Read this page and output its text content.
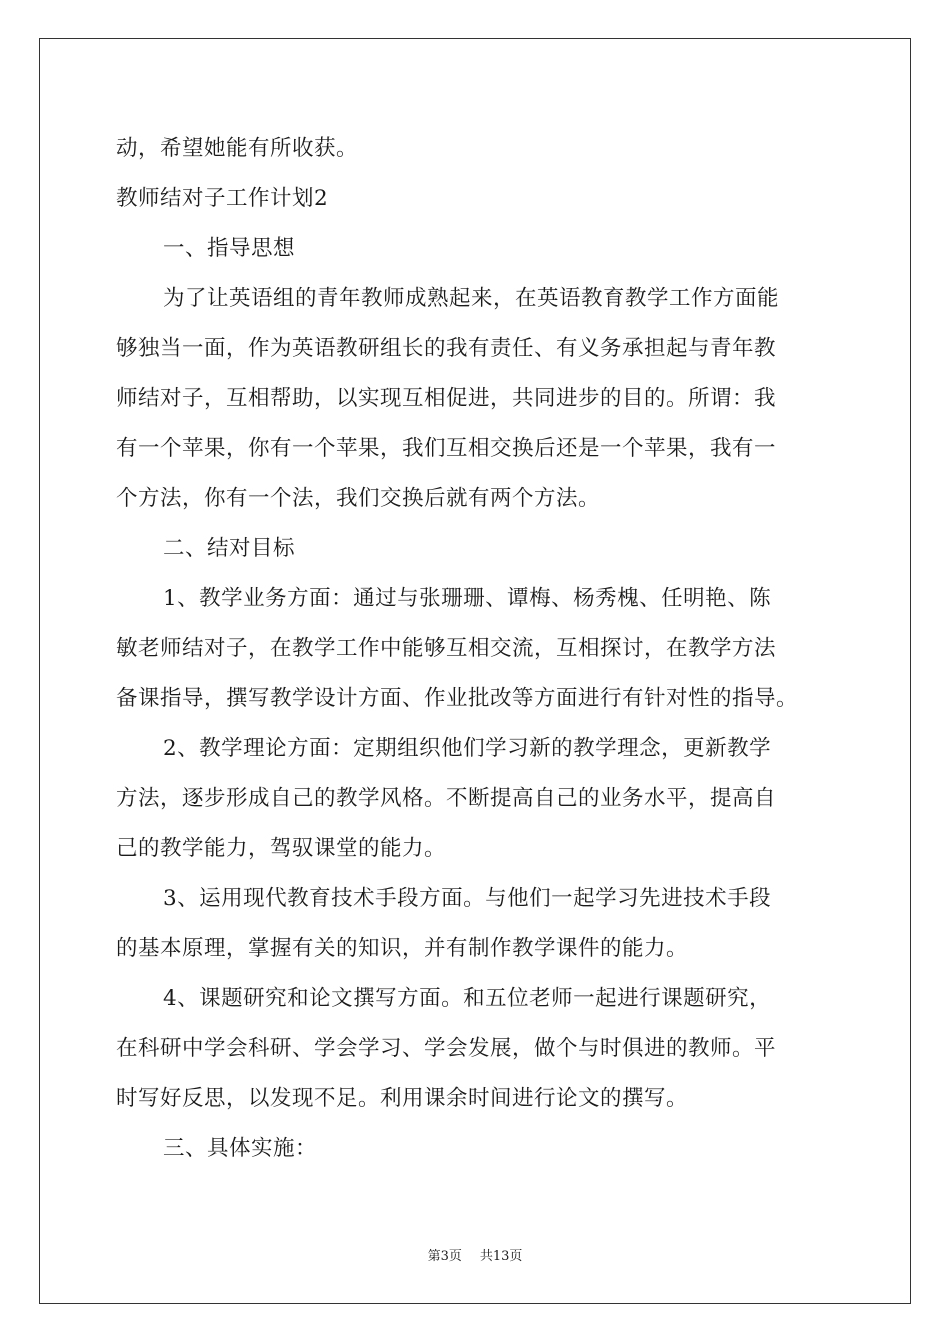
动，希望她能有所收获。
教师结对子工作计划2
一、指导思想
为了让英语组的青年教师成熟起来，在英语教育教学工作方面能
够独当一面，作为英语教研组长的我有责任、有义务承担起与青年教
师结对子，互相帮助，以实现互相促进，共同进步的目的。所谓：我
有一个苹果，你有一个苹果，我们互相交换后还是一个苹果，我有一
个方法，你有一个法，我们交换后就有两个方法。
二、结对目标
1、教学业务方面：通过与张珊珊、谭梅、杨秀槐、任明艳、陈
敏老师结对子，在教学工作中能够互相交流，互相探讨，在教学方法
备课指导，撰写教学设计方面、作业批改等方面进行有针对性的指导。
2、教学理论方面：定期组织他们学习新的教学理念，更新教学
方法，逐步形成自己的教学风格。不断提高自己的业务水平，提高自
己的教学能力，驾驭课堂的能力。
3、运用现代教育技术手段方面。与他们一起学习先进技术手段
的基本原理，掌握有关的知识，并有制作教学课件的能力。
4、课题研究和论文撰写方面。和五位老师一起进行课题研究，
在科研中学会科研、学会学习、学会发展，做个与时俱进的教师。平
时写好反思，以发现不足。利用课余时间进行论文的撰写。
三、具体实施：
第3页 共13页
